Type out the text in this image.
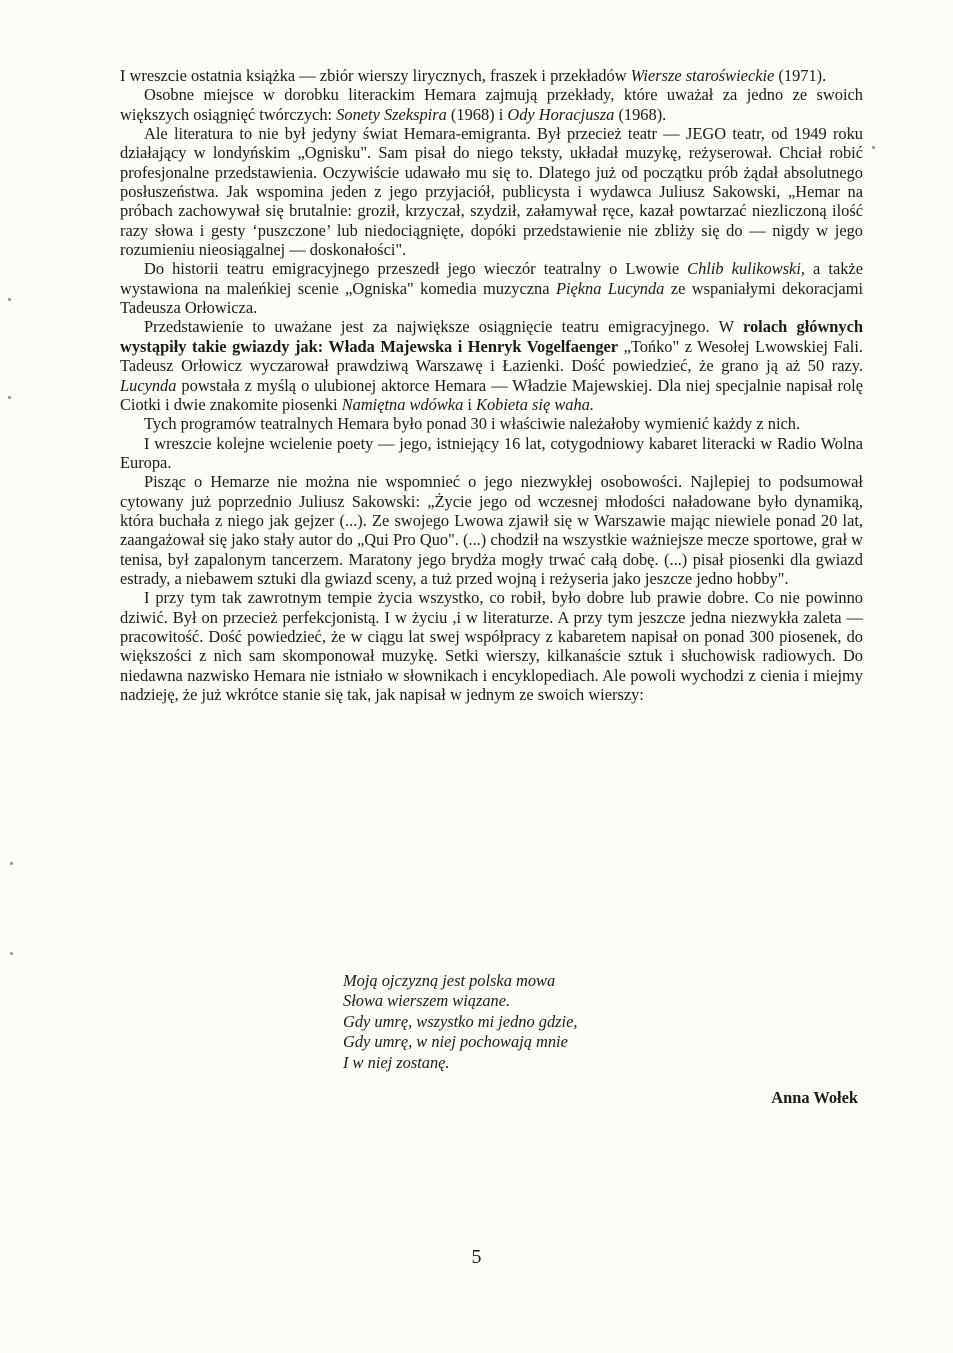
I wreszcie ostatnia książka — zbiór wierszy lirycznych, fraszek i przekładów Wiersze staroświeckie (1971).

Osobne miejsce w dorobku literackim Hemara zajmują przekłady, które uważał za jedno ze swoich większych osiągnięć twórczych: Sonety Szekspira (1968) i Ody Horacjusza (1968).

Ale literatura to nie był jedyny świat Hemara-emigranta. Był przecież teatr — JEGO teatr, od 1949 roku działający w londyńskim „Ognisku". Sam pisał do niego teksty, układał muzykę, reżyserował. Chciał robić profesjonalne przedstawienia. Oczywiście udawało mu się to. Dlatego już od początku prób żądał absolutnego posłuszeństwa. Jak wspomina jeden z jego przyjaciół, publicysta i wydawca Juliusz Sakowski, „Hemar na próbach zachowywał się brutalnie: groził, krzyczał, szydził, załamywał ręce, kazał powtarzać niezliczoną ilość razy słowa i gesty ‘puszczone’ lub niedociągnięte, dopóki przedstawienie nie zbliży się do — nigdy w jego rozumieniu nieosiągalnej — doskonałości".

Do historii teatru emigracyjnego przeszedł jego wieczór teatralny o Lwowie Chlib kulikowski, a także wystawiona na maleńkiej scenie „Ogniska" komedia muzyczna Piękna Lucynda ze wspaniałymi dekoracjami Tadeusza Orłowicza.

Przedstawienie to uważane jest za największe osiągnięcie teatru emigracyjnego. W rolach głównych wystąpiły takie gwiazdy jak: Włada Majewska i Henryk Vogelfaenger „Tońko" z Wesołej Lwowskiej Fali. Tadeusz Orłowicz wyczarował prawdziwą Warszawę i Łazienki. Dość powiedzieć, że grano ją aż 50 razy. Lucynda powstała z myślą o ulubionej aktorce Hemara — Władzie Majewskiej. Dla niej specjalnie napisał rolę Ciotki i dwie znakomite piosenki Namiętna wdówka i Kobieta się waha.

Tych programów teatralnych Hemara było ponad 30 i właściwie należałoby wymienić każdy z nich.

I wreszcie kolejne wcielenie poety — jego, istniejący 16 lat, cotygodniowy kabaret literacki w Radio Wolna Europa.

Pisząc o Hemarze nie można nie wspomnieć o jego niezwykłej osobowości. Najlepiej to podsumował cytowany już poprzednio Juliusz Sakowski: „Życie jego od wczesnej młodości naładowane było dynamiką, która buchała z niego jak gejzer (...). Ze swojego Lwowa zjawił się w Warszawie mając niewiele ponad 20 lat, zaangażował się jako stały autor do „Qui Pro Quo". (...) chodził na wszystkie ważniejsze mecze sportowe, grał w tenisa, był zapalonym tancerzem. Maratony jego brydża mogły trwać całą dobę. (...) pisał piosenki dla gwiazd estrady, a niebawem sztuki dla gwiazd sceny, a tuż przed wojną i reżyseria jako jeszcze jedno hobby".

I przy tym tak zawrotnym tempie życia wszystko, co robił, było dobre lub prawie dobre. Co nie powinno dziwić. Był on przecież perfekcjonistą. I w życiu ,i w literaturze. A przy tym jeszcze jedna niezwykła zaleta — pracowitość. Dość powiedzieć, że w ciągu lat swej współpracy z kabaretem napisał on ponad 300 piosenek, do większości z nich sam skomponował muzykę. Setki wierszy, kilkanaście sztuk i słuchowisk radiowych. Do niedawna nazwisko Hemara nie istniało w słownikach i encyklopediach. Ale powoli wychodzi z cienia i miejmy nadzieję, że już wkrótce stanie się tak, jak napisał w jednym ze swoich wierszy:

Moją ojczyzną jest polska mowa
Słowa wierszem wiązane.
Gdy umrę, wszystko mi jedno gdzie,
Gdy umrę, w niej pochowają mnie
I w niej zostanę.
Anna Wołek
5
